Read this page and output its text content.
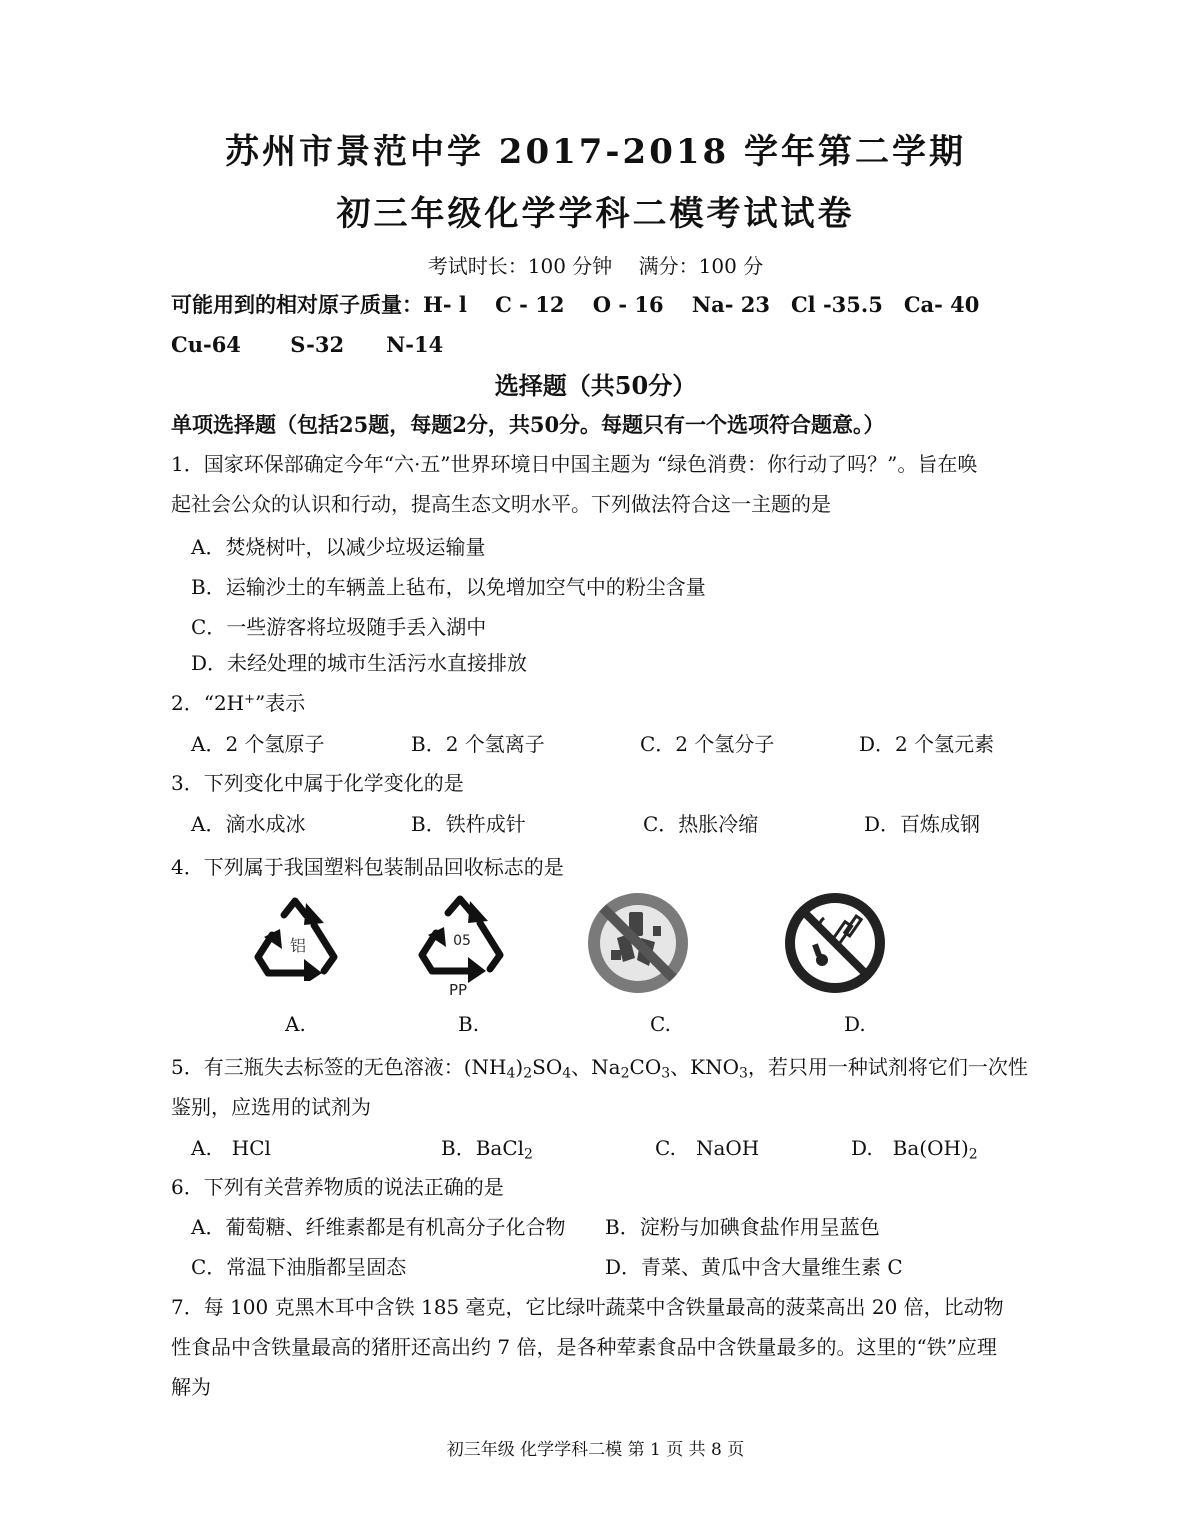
苏州市景范中学 2017-2018 学年第二学期
初三年级化学学科二模考试试卷
考试时长：100 分钟　 满分：100 分
可能用到的相对原子质量：H- l　 C - 12　 O - 16　 Na- 23　Cl -35.5　Ca- 40
Cu-64　　 S-32　　N-14
选择题（共50分）
单项选择题（包括25题，每题2分，共50分。每题只有一个选项符合题意。）
1．国家环保部确定今年“六·五”世界环境日中国主题为 “绿色消费：你行动了吗？”。旨在唤
起社会公众的认识和行动，提高生态文明水平。下列做法符合这一主题的是
A．焚烧树叶，以减少垃圾运输量
B．运输沙土的车辆盖上毡布，以免增加空气中的粉尘含量
C．一些游客将垃圾随手丢入湖中
D．未经处理的城市生活污水直接排放
2．“2H+”表示
A．2 个氢原子	B．2 个氢离子	C．2 个氢分子	D．2 个氢元素
3．下列变化中属于化学变化的是
A．滴水成冰	B．铁杵成针	C．热胀冷缩	D．百炼成钢
4．下列属于我国塑料包装制品回收标志的是
铝	05
PP
A.	B.	C.	D.
5．有三瓶失去标签的无色溶液：$(NH_4)_2SO_4$、$Na_2CO_3$、$KNO_3$，若只用一种试剂将它们一次性
鉴别，应选用的试剂为
A.　HCl	B．BaCl$_2$	C.　NaOH	D.　$Ba(OH)_2$
6．下列有关营养物质的说法正确的是
A．葡萄糖、纤维素都是有机高分子化合物 B．淀粉与加碘食盐作用呈蓝色
C．常温下油脂都呈固态	D．青菜、黄瓜中含大量维生素 C
7．每 100 克黑木耳中含铁 185 毫克，它比绿叶蔬菜中含铁量最高的菠菜高出 20 倍，比动物
性食品中含铁量最高的猪肝还高出约 7 倍，是各种荤素食品中含铁量最多的。这里的“铁”应理
解为
初三年级 化学学科二模 第 1 页 共 8 页
